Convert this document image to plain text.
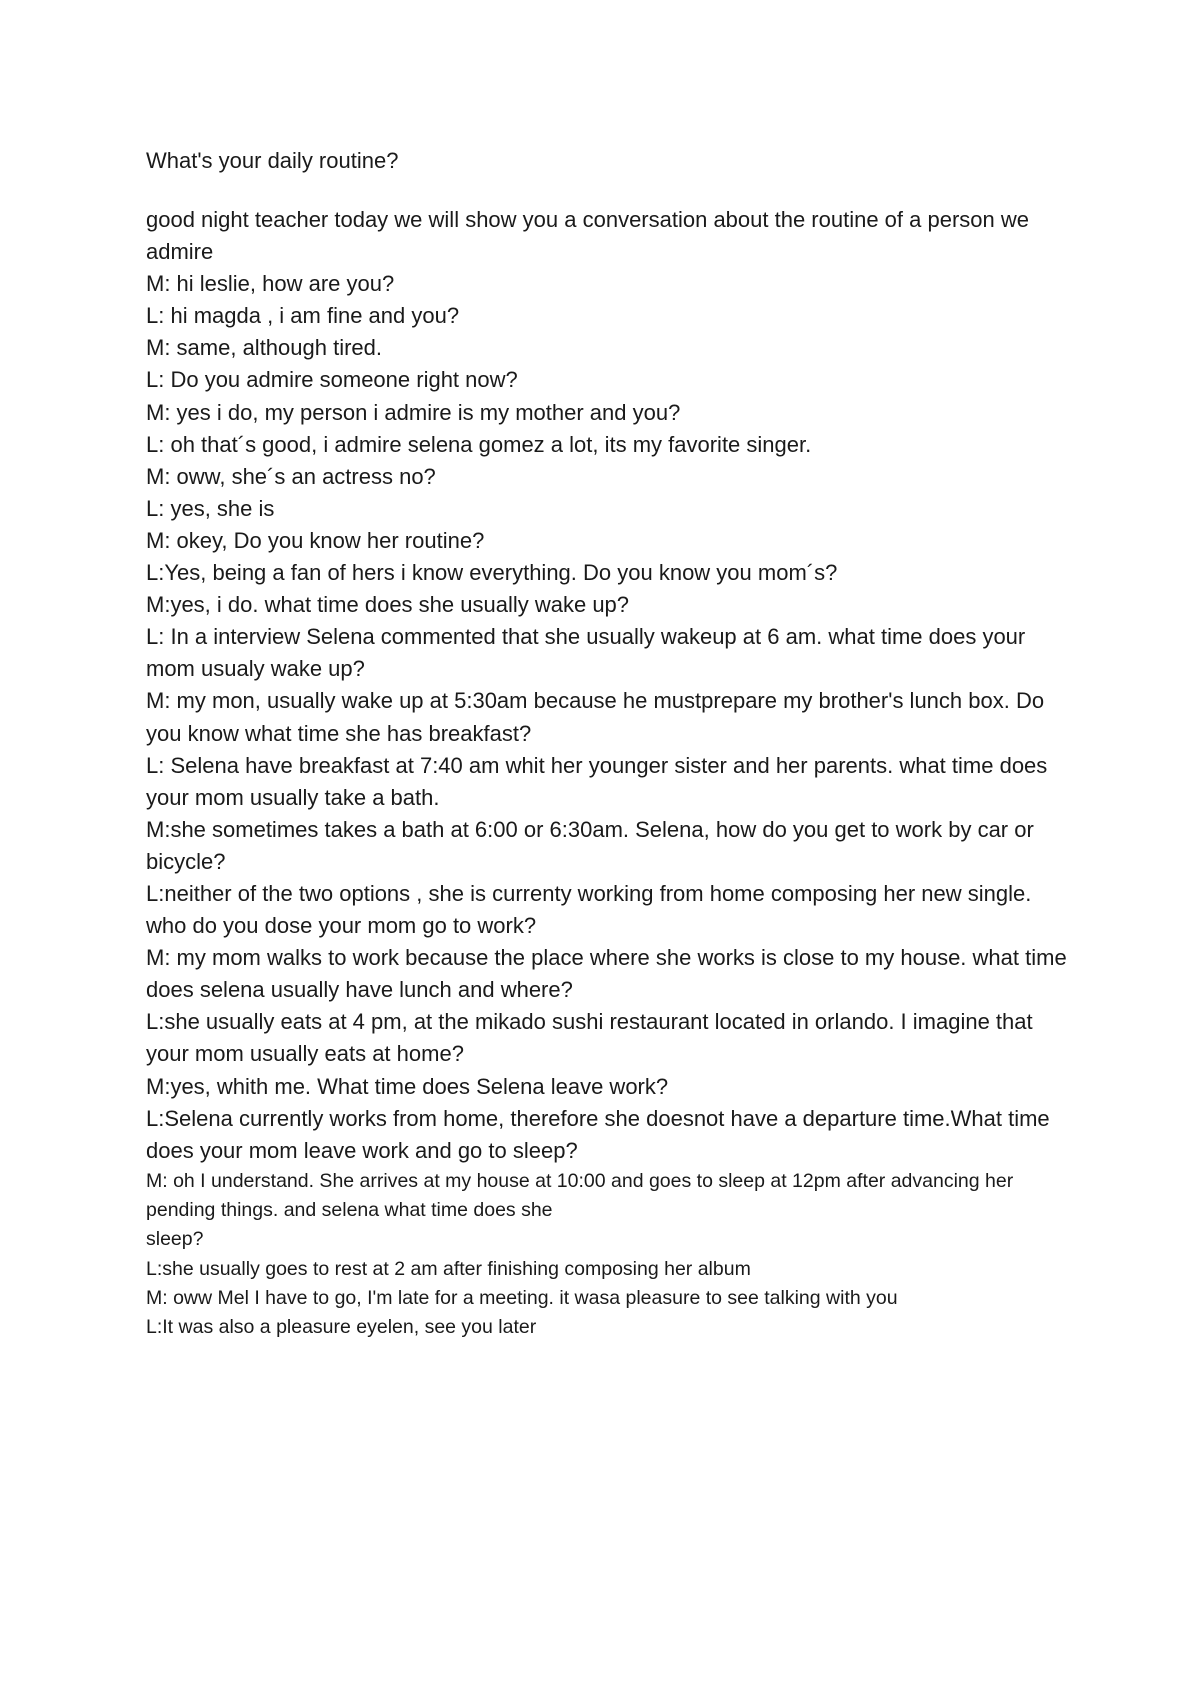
What's your daily routine?

good night teacher today we will show you a conversation about the routine of a person we admire

M: hi leslie, how are you?

L: hi magda , i am fine and you?

M: same, although tired.

L: Do you admire someone right now?

M: yes i do, my person i admire is my mother and you?

L: oh that´s good, i admire selena gomez a lot, its my favorite singer.

M: oww, she´s an actress no?

L: yes, she is

M: okey, Do you know her routine?

L:Yes, being a fan of hers i know everything. Do you know you mom´s?

M:yes, i do. what time does she usually wake up?

L: In a interview Selena commented that she usually wakeup at 6 am. what time does your mom usualy wake up?

M: my mon, usually wake up at 5:30am because he mustprepare my brother's lunch box. Do you know what time she has breakfast?

L: Selena have breakfast at 7:40 am whit her younger sister and her parents. what time does your mom usually take a bath.

M:she sometimes takes a bath at 6:00 or 6:30am. Selena, how do you get to work by car or bicycle?

L:neither of the two options , she is currenty working from home composing her new single. who do you dose your mom go to work?

M: my mom walks to work because the place where she works is close to my house. what time does selena usually have lunch and where?

L:she usually eats at 4 pm, at the mikado sushi restaurant located in orlando. I imagine that your mom usually eats at home?

M:yes, whith me. What time does Selena leave work?

L:Selena currently works from home, therefore she doesnot have a departure time.What time does your mom leave work and go to sleep?

M: oh I understand. She arrives at my house at 10:00 and goes to sleep at 12pm after advancing her pending things. and selena what time does she

sleep?

L:she usually goes to rest at 2 am after finishing composing her album

M: oww Mel I have to go, I'm late for a meeting. it wasa pleasure to see talking with you

L:It was also a pleasure eyelen, see you later
